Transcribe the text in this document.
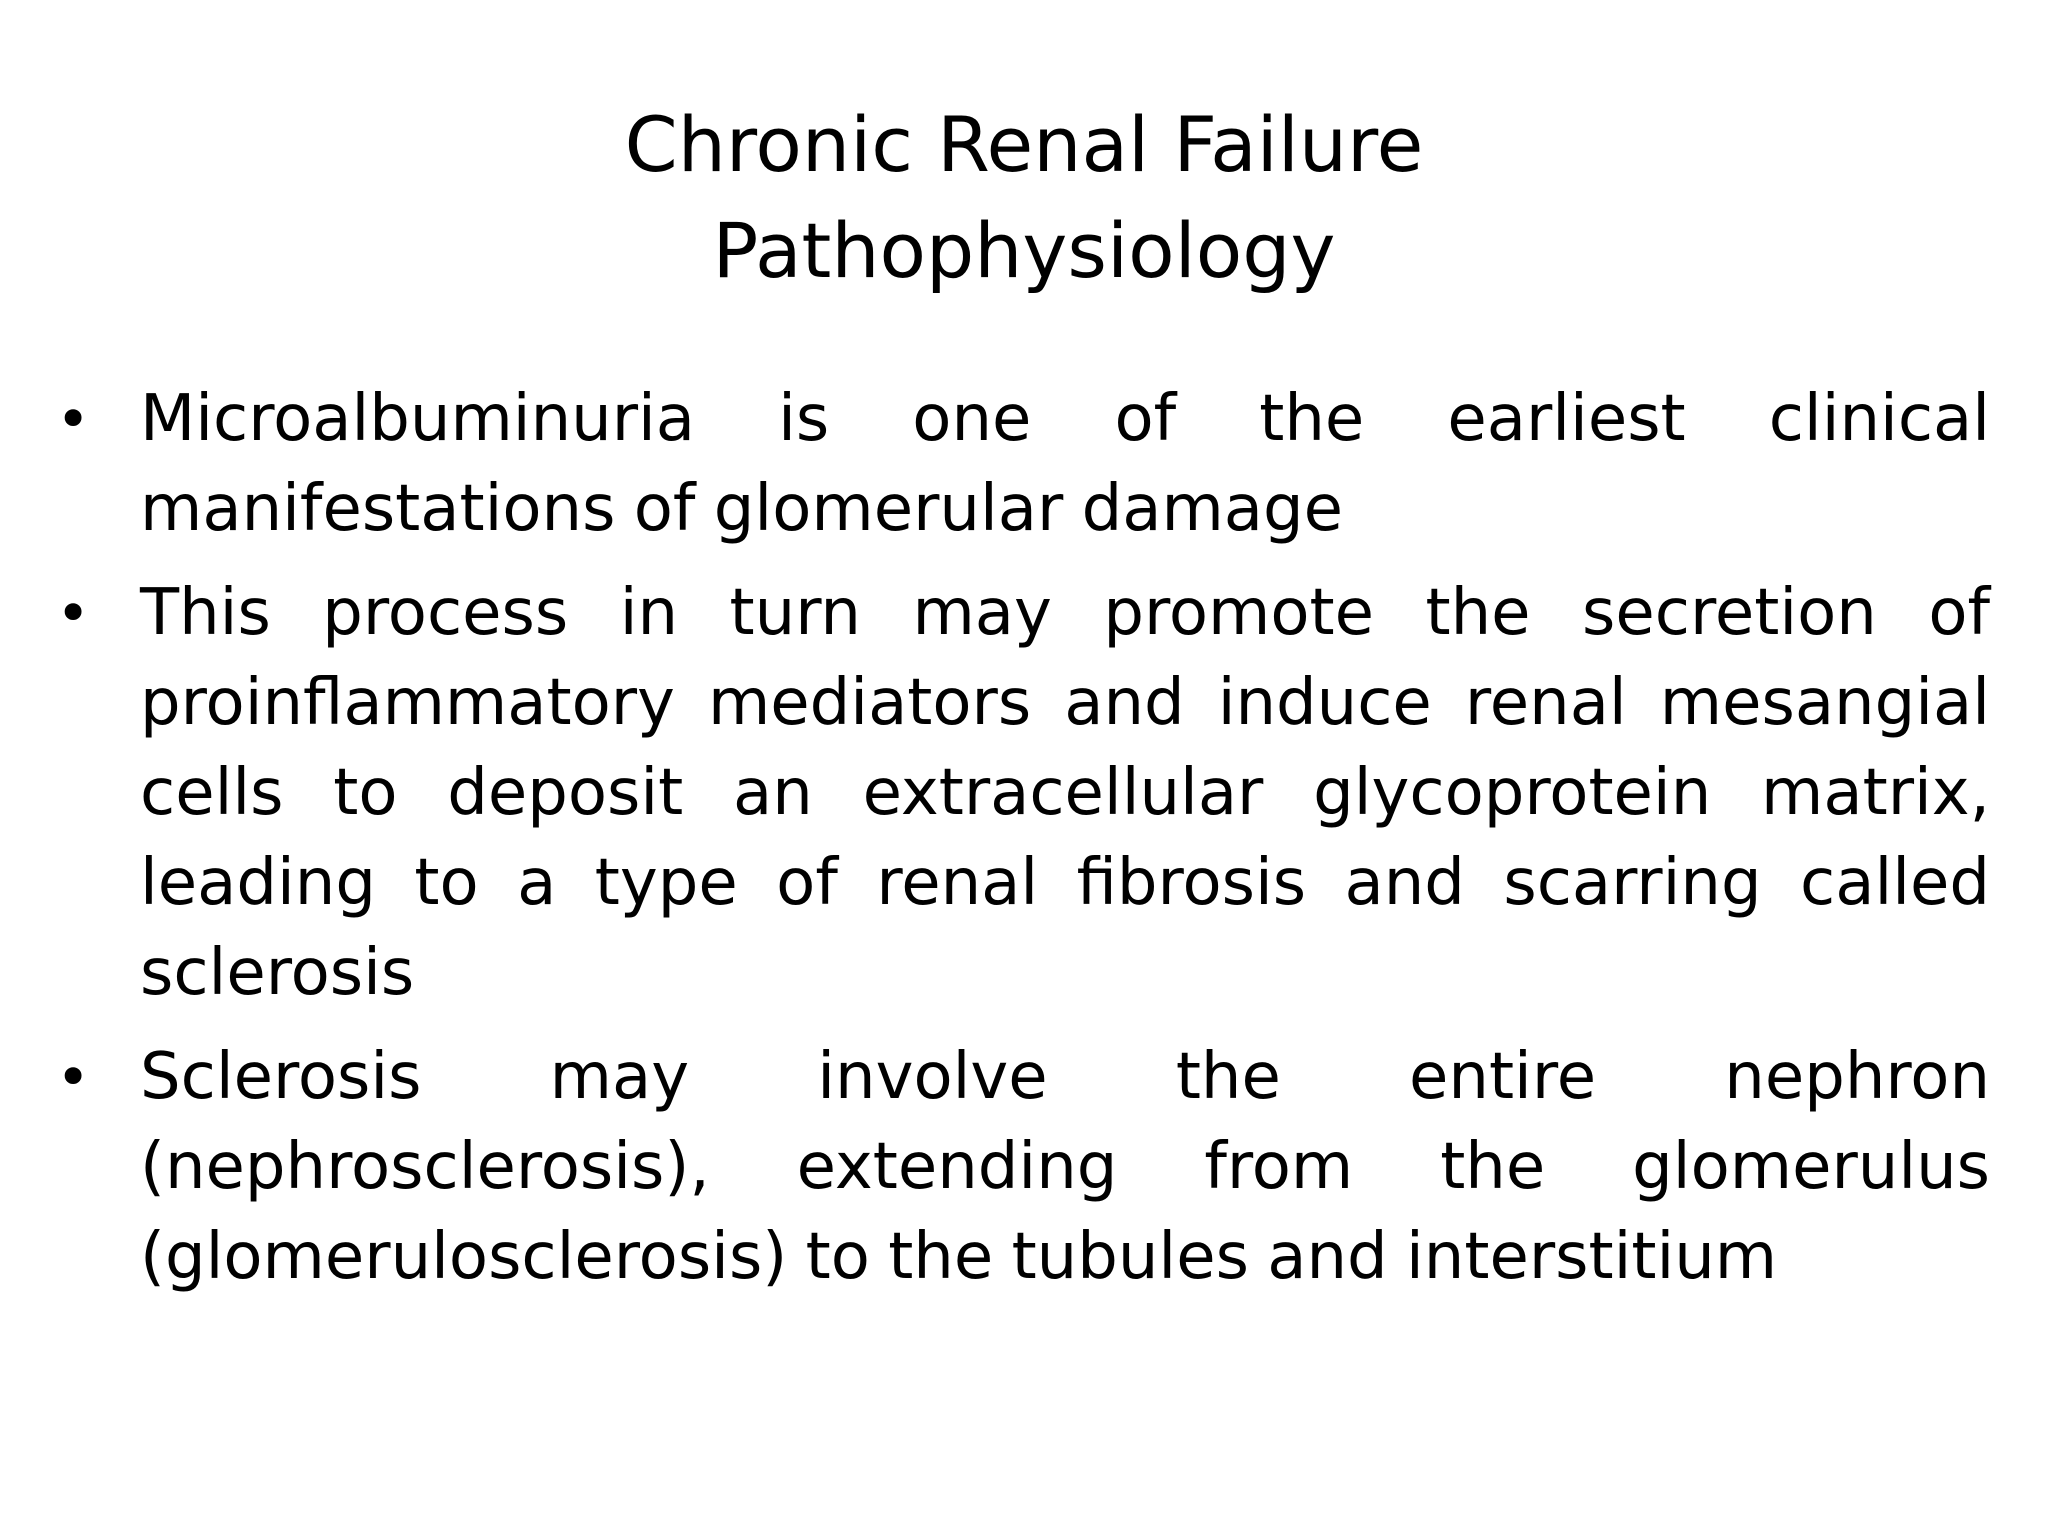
Chronic Renal Failure
Pathophysiology
• Microalbuminuria is one of the earliest clinical manifestations of glomerular damage
• This process in turn may promote the secretion of proinflammatory mediators and induce renal mesangial cells to deposit an extracellular glycoprotein matrix, leading to a type of renal fibrosis and scarring called sclerosis
• Sclerosis may involve the entire nephron (nephrosclerosis), extending from the glomerulus (glomerulosclerosis) to the tubules and interstitium
